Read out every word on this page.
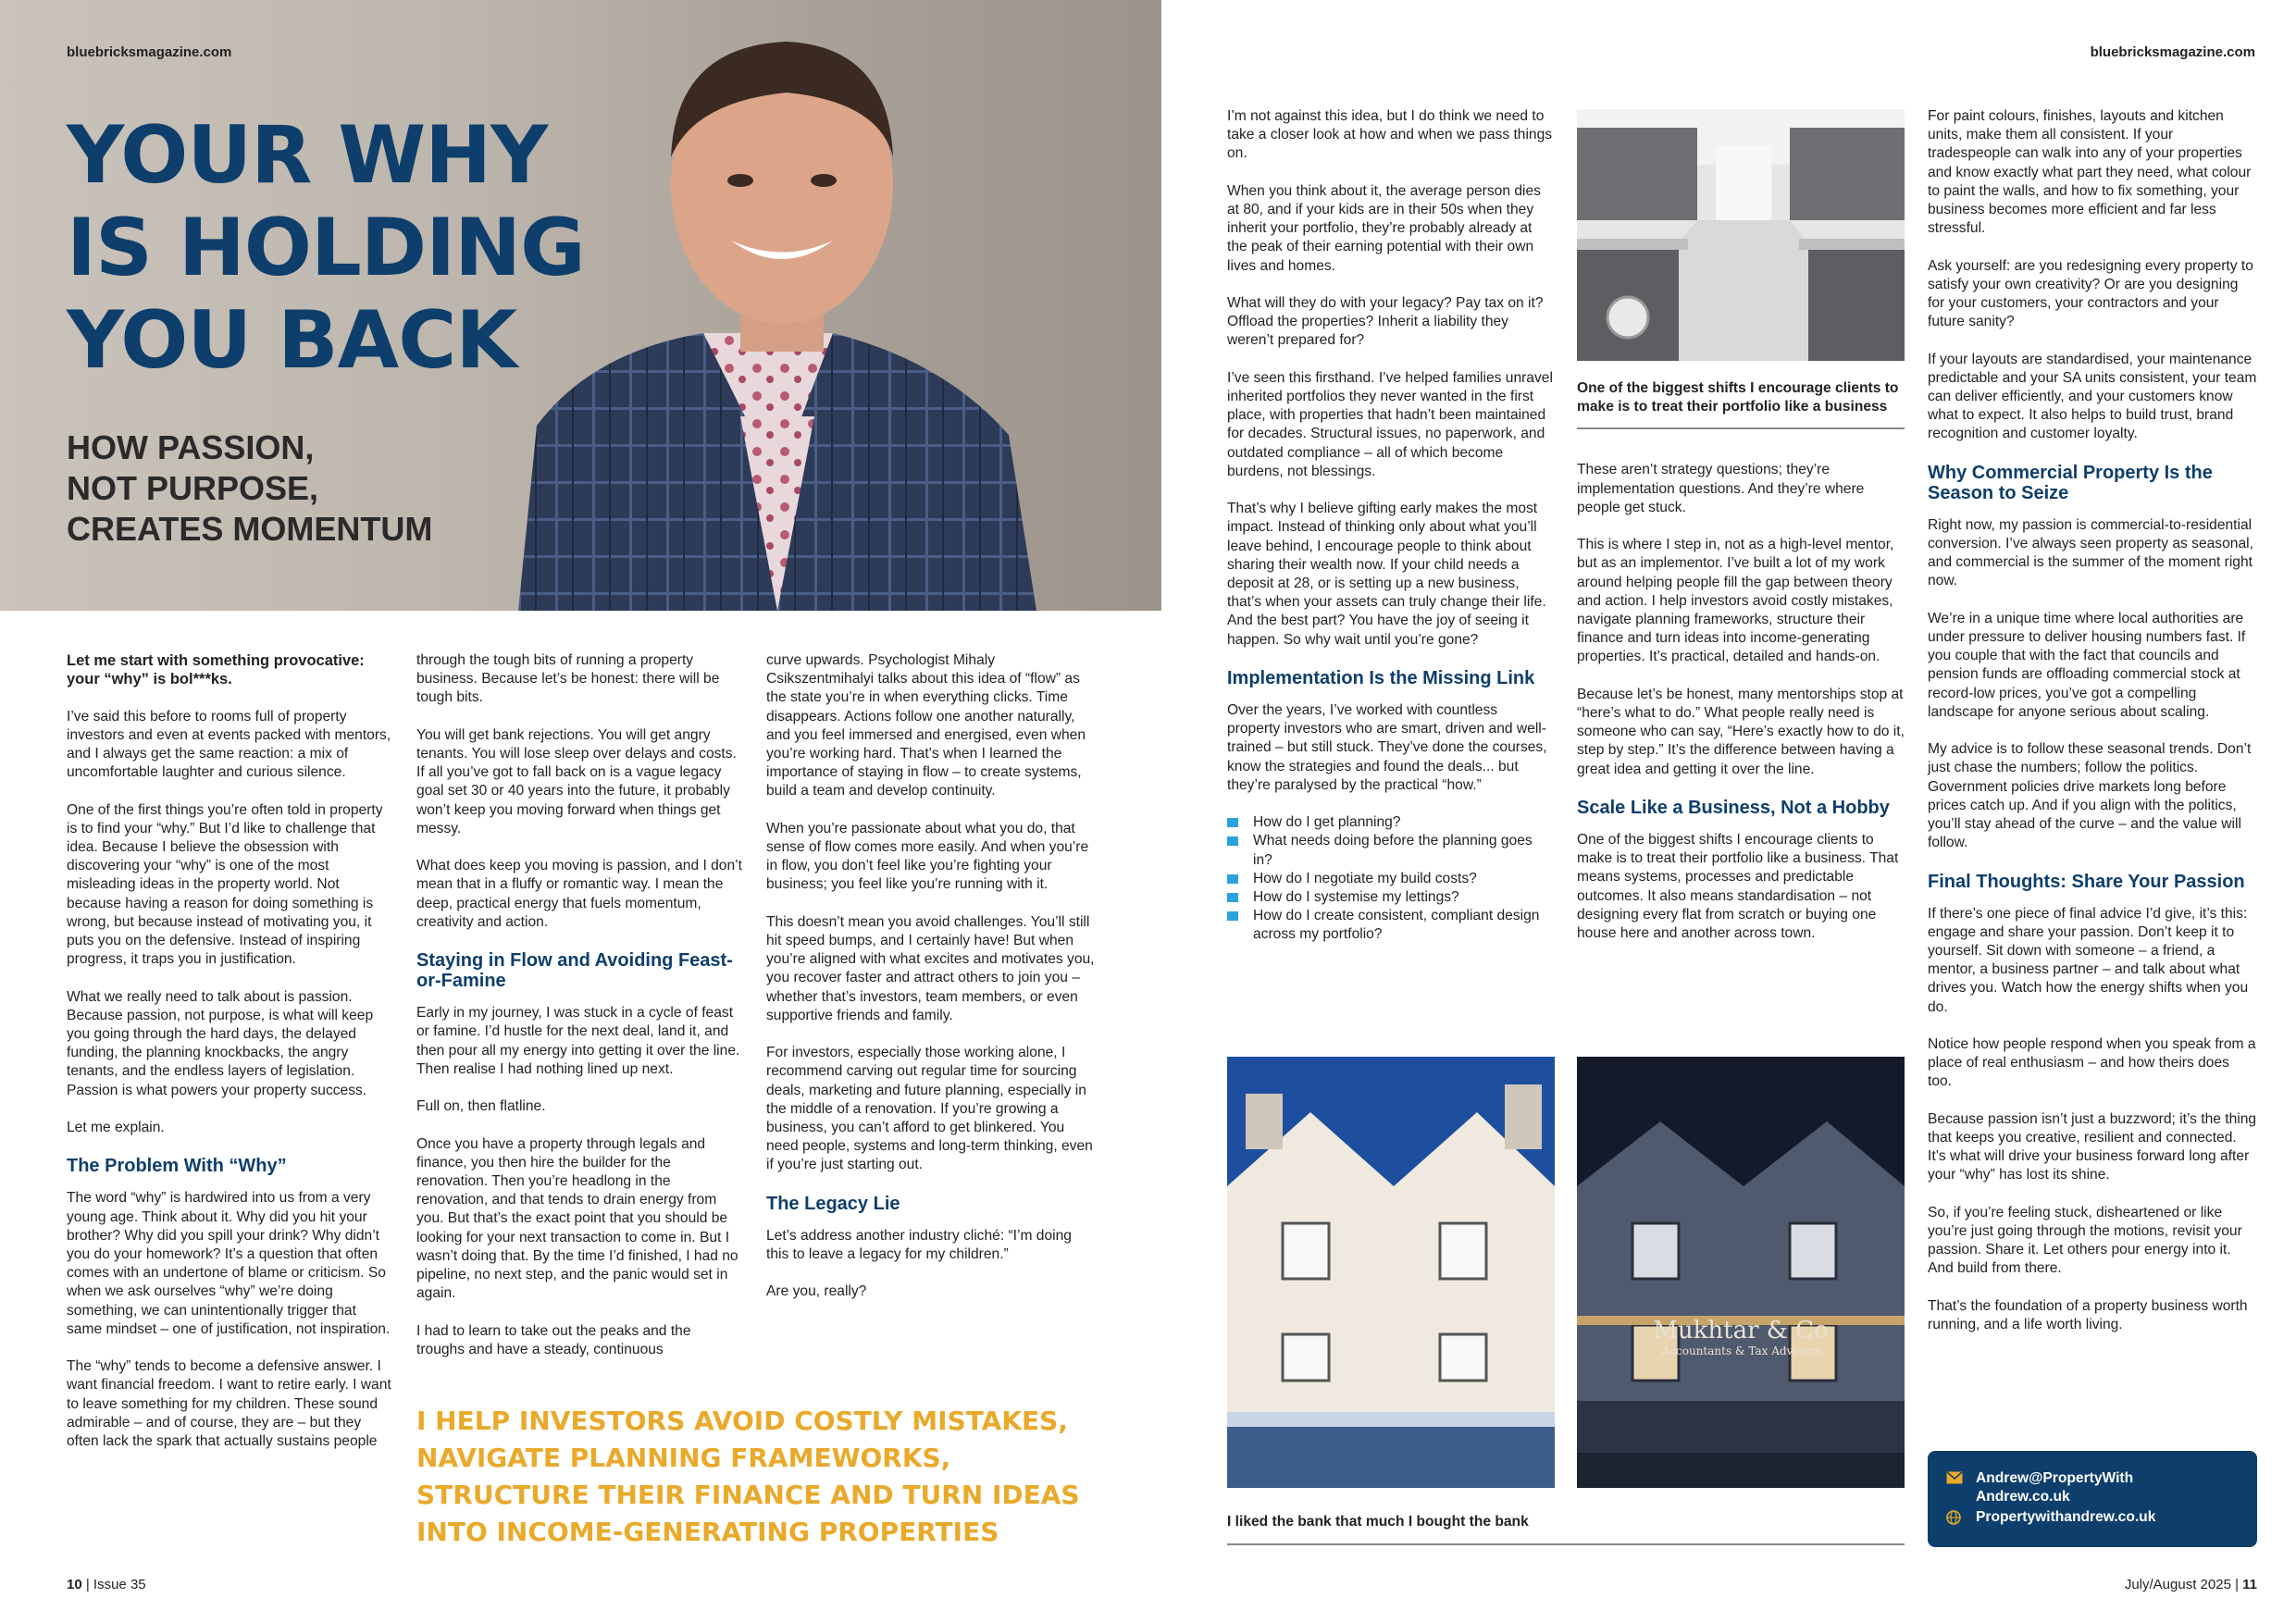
bluebricksmagazine.com	bluebricksmagazine.com
YOUR WHY
IS HOLDING
YOU BACK
HOW PASSION,
NOT PURPOSE,
CREATES MOMENTUM

Let me start with something provocative: your “why” is bol***ks.

I’ve said this before to rooms full of property investors and even at events packed with mentors, and I always get the same reaction: a mix of uncomfortable laughter and curious silence.

One of the first things you’re often told in property is to find your “why.” But I’d like to challenge that idea. Because I believe the obsession with discovering your “why” is one of the most misleading ideas in the property world. Not because having a reason for doing something is wrong, but because instead of motivating you, it puts you on the defensive. Instead of inspiring progress, it traps you in justification.

What we really need to talk about is passion. Because passion, not purpose, is what will keep you going through the hard days, the delayed funding, the planning knockbacks, the angry tenants, and the endless layers of legislation. Passion is what powers your property success.

Let me explain.

The Problem With “Why”

The word “why” is hardwired into us from a very young age. Think about it. Why did you hit your brother? Why did you spill your drink? Why didn’t you do your homework? It’s a question that often comes with an undertone of blame or criticism. So when we ask ourselves “why” we’re doing something, we can unintentionally trigger that same mindset – one of justification, not inspiration.

The “why” tends to become a defensive answer. I want financial freedom. I want to retire early. I want to leave something for my children. These sound admirable – and of course, they are – but they often lack the spark that actually sustains people

through the tough bits of running a property business. Because let’s be honest: there will be tough bits.

You will get bank rejections. You will get angry tenants. You will lose sleep over delays and costs. If all you’ve got to fall back on is a vague legacy goal set 30 or 40 years into the future, it probably won’t keep you moving forward when things get messy.

What does keep you moving is passion, and I don’t mean that in a fluffy or romantic way. I mean the deep, practical energy that fuels momentum, creativity and action.

Staying in Flow and Avoiding Feast-or-Famine

Early in my journey, I was stuck in a cycle of feast or famine. I’d hustle for the next deal, land it, and then pour all my energy into getting it over the line. Then realise I had nothing lined up next.

Full on, then flatline.

Once you have a property through legals and finance, you then hire the builder for the renovation. Then you’re headlong in the renovation, and that tends to drain energy from you. But that’s the exact point that you should be looking for your next transaction to come in. But I wasn’t doing that. By the time I’d finished, I had no pipeline, no next step, and the panic would set in again.

I had to learn to take out the peaks and the troughs and have a steady, continuous

curve upwards. Psychologist Mihaly Csikszentmihalyi talks about this idea of “flow” as the state you’re in when everything clicks. Time disappears. Actions follow one another naturally, and you feel immersed and energised, even when you’re working hard. That’s when I learned the importance of staying in flow – to create systems, build a team and develop continuity.

When you’re passionate about what you do, that sense of flow comes more easily. And when you’re in flow, you don’t feel like you’re fighting your business; you feel like you’re running with it.

This doesn’t mean you avoid challenges. You’ll still hit speed bumps, and I certainly have! But when you’re aligned with what excites and motivates you, you recover faster and attract others to join you – whether that’s investors, team members, or even supportive friends and family.

For investors, especially those working alone, I recommend carving out regular time for sourcing deals, marketing and future planning, especially in the middle of a renovation. If you’re growing a business, you can’t afford to get blinkered. You need people, systems and long-term thinking, even if you’re just starting out.

The Legacy Lie

Let’s address another industry cliché: “I’m doing this to leave a legacy for my children.”

Are you, really?

I HELP INVESTORS AVOID COSTLY MISTAKES, NAVIGATE PLANNING FRAMEWORKS, STRUCTURE THEIR FINANCE AND TURN IDEAS INTO INCOME-GENERATING PROPERTIES

I’m not against this idea, but I do think we need to take a closer look at how and when we pass things on.

When you think about it, the average person dies at 80, and if your kids are in their 50s when they inherit your portfolio, they’re probably already at the peak of their earning potential with their own lives and homes.

What will they do with your legacy? Pay tax on it? Offload the properties? Inherit a liability they weren’t prepared for?

I’ve seen this firsthand. I’ve helped families unravel inherited portfolios they never wanted in the first place, with properties that hadn’t been maintained for decades. Structural issues, no paperwork, and outdated compliance – all of which become burdens, not blessings.

That’s why I believe gifting early makes the most impact. Instead of thinking only about what you’ll leave behind, I encourage people to think about sharing their wealth now. If your child needs a deposit at 28, or is setting up a new business, that’s when your assets can truly change their life. And the best part? You have the joy of seeing it happen. So why wait until you’re gone?

Implementation Is the Missing Link

Over the years, I’ve worked with countless property investors who are smart, driven and well-trained – but still stuck. They’ve done the courses, know the strategies and found the deals... but they’re paralysed by the practical “how.”

How do I get planning?
What needs doing before the planning goes in?
How do I negotiate my build costs?
How do I systemise my lettings?
How do I create consistent, compliant design across my portfolio?

One of the biggest shifts I encourage clients to make is to treat their portfolio like a business

These aren’t strategy questions; they’re implementation questions. And they’re where people get stuck.

This is where I step in, not as a high-level mentor, but as an implementor. I’ve built a lot of my work around helping people fill the gap between theory and action. I help investors avoid costly mistakes, navigate planning frameworks, structure their finance and turn ideas into income-generating properties. It’s practical, detailed and hands-on.

Because let’s be honest, many mentorships stop at “here’s what to do.” What people really need is someone who can say, “Here’s exactly how to do it, step by step.” It’s the difference between having a great idea and getting it over the line.

Scale Like a Business, Not a Hobby

One of the biggest shifts I encourage clients to make is to treat their portfolio like a business. That means systems, processes and predictable outcomes. It also means standardisation – not designing every flat from scratch or buying one house here and another across town.

Mukhtar & Co
Accountants & Tax Advisers
I liked the bank that much I bought the bank

For paint colours, finishes, layouts and kitchen units, make them all consistent. If your tradespeople can walk into any of your properties and know exactly what part they need, what colour to paint the walls, and how to fix something, your business becomes more efficient and far less stressful.

Ask yourself: are you redesigning every property to satisfy your own creativity? Or are you designing for your customers, your contractors and your future sanity?

If your layouts are standardised, your maintenance predictable and your SA units consistent, your team can deliver efficiently, and your customers know what to expect. It also helps to build trust, brand recognition and customer loyalty.

Why Commercial Property Is the Season to Seize

Right now, my passion is commercial-to-residential conversion. I’ve always seen property as seasonal, and commercial is the summer of the moment right now.

We’re in a unique time where local authorities are under pressure to deliver housing numbers fast. If you couple that with the fact that councils and pension funds are offloading commercial stock at record-low prices, you’ve got a compelling landscape for anyone serious about scaling.

My advice is to follow these seasonal trends. Don’t just chase the numbers; follow the politics. Government policies drive markets long before prices catch up. And if you align with the politics, you’ll stay ahead of the curve – and the value will follow.

Final Thoughts: Share Your Passion

If there’s one piece of final advice I’d give, it’s this: engage and share your passion. Don’t keep it to yourself. Sit down with someone – a friend, a mentor, a business partner – and talk about what drives you. Watch how the energy shifts when you do.

Notice how people respond when you speak from a place of real enthusiasm – and how theirs does too.

Because passion isn’t just a buzzword; it’s the thing that keeps you creative, resilient and connected. It’s what will drive your business forward long after your “why” has lost its shine.

So, if you’re feeling stuck, disheartened or like you’re just going through the motions, revisit your passion. Share it. Let others pour energy into it. And build from there.

That’s the foundation of a property business worth running, and a life worth living.

Andrew@PropertyWith
Andrew.co.uk
Propertywithandrew.co.uk
10 | Issue 35	July/August 2025 | 11
